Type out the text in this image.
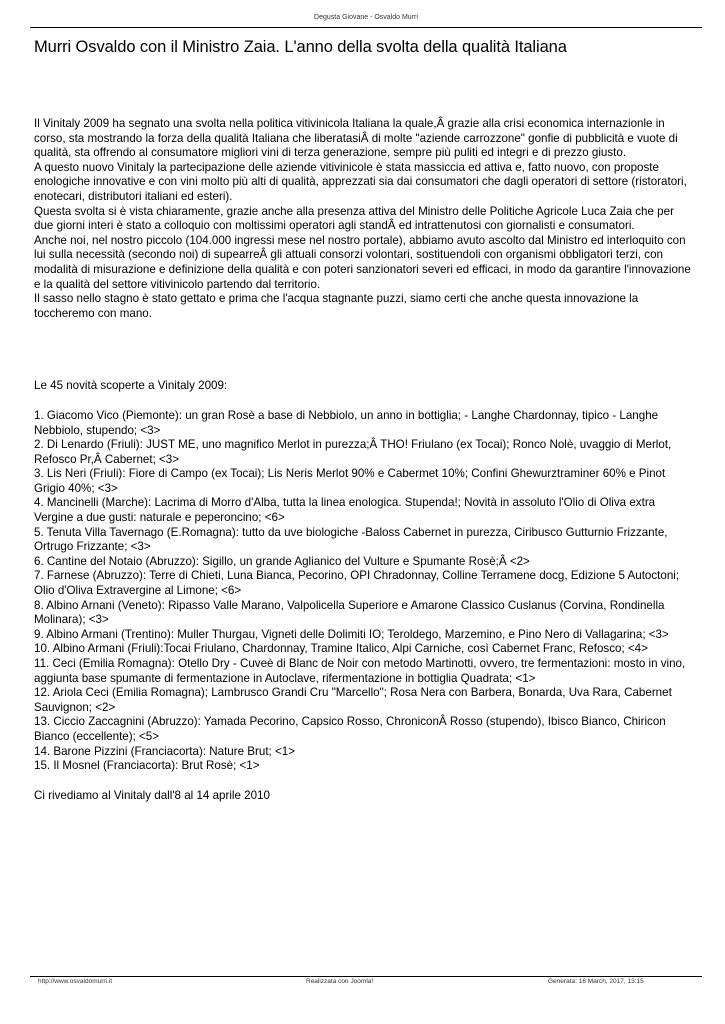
Degusta Giovane - Osvaldo Murri
Murri Osvaldo con il Ministro Zaia. L'anno della svolta della qualità Italiana

Il Vinitaly 2009 ha segnato una svolta nella politica vitivinicola Italiana la quale,Â grazie alla crisi economica internazionle in corso, sta mostrando la forza della qualità Italiana che liberatasiÂ di molte "aziende carrozzone" gonfie di pubblicità e vuote di qualità, sta offrendo al consumatore migliori vini di terza generazione, sempre più puliti ed integri e di prezzo giusto.

A questo nuovo Vinitaly la partecipazione delle aziende vitivinicole è stata massiccia ed attiva e, fatto nuovo, con proposte enologiche innovative e con vini molto più alti di qualità, apprezzati sia dai consumatori che dagli operatori di settore (ristoratori, enotecari, distributori italiani ed esteri).

Questa svolta si è vista chiaramente, grazie anche alla presenza attiva del Ministro delle Politiche Agricole Luca Zaia che per due giorni interi è stato a colloquio con moltissimi operatori agli standÂ ed intrattenutosi con giornalisti e consumatori.

Anche noi, nel nostro piccolo (104.000 ingressi mese nel nostro portale), abbiamo avuto ascolto dal Ministro ed interloquito con lui sulla necessità (secondo noi) di supearreÂ gli attuali consorzi volontari, sostituendoli con organismi obbligatori terzi, con modalità di misurazione e definizione della qualità e con poteri sanzionatori severi ed efficaci, in modo da garantire l'innovazione e la qualità del settore vitivinicolo partendo dal territorio.

Il sasso nello stagno è stato gettato e prima che l'acqua stagnante puzzi, siamo certi che anche questa innovazione la toccheremo con mano.

Le 45 novità scoperte a Vinitaly 2009:

1. Giacomo Vico (Piemonte): un gran Rosè a base di Nebbiolo, un anno in bottiglia; - Langhe Chardonnay, tipico - Langhe Nebbiolo, stupendo; <3>

2. Di Lenardo (Friuli): JUST ME, uno magnifico Merlot in purezza;Â THO! Friulano (ex Tocai); Ronco Nolè, uvaggio di Merlot, Refosco Pr,Â Cabernet; <3>

3. Lis Neri (Friuli): Fiore di Campo (ex Tocai); Lis Neris Merlot 90% e Cabermet 10%; Confini Ghewurztraminer 60% e Pinot Grigio 40%; <3>

4. Mancinelli (Marche): Lacrima di Morro d'Alba, tutta la linea enologica. Stupenda!; Novità in assoluto l'Olio di Oliva extra Vergine a due gusti: naturale e peperoncino; <6>

5. Tenuta Villa Tavernago (E.Romagna): tutto da uve biologiche -Baloss Cabernet in purezza, Ciribusco Gutturnio Frizzante, Ortrugo Frizzante; <3>

6. Cantine del Notaio (Abruzzo): Sigillo, un grande Aglianico del Vulture e Spumante Rosè;Â <2>

7. Farnese (Abruzzo): Terre di Chieti, Luna Bianca, Pecorino, OPI Chradonnay, Colline Terramene docg, Edizione 5 Autoctoni; Olio d'Oliva Extravergine al Limone; <6>

8. Albino Arnani (Veneto): Ripasso Valle Marano, Valpolicella Superiore e Amarone Classico Cuslanus (Corvina, Rondinella Molinara); <3>

9. Albino Armani (Trentino): Muller Thurgau, Vigneti delle Dolimiti IO; Teroldego, Marzemino, e Pino Nero di Vallagarina; <3>

10. Albino Armani (Friuli):Tocai Friulano, Chardonnay, Tramine Italico, Alpi Carniche, così Cabernet Franc, Refosco; <4>

11. Ceci (Emilia Romagna): Otello Dry - Cuveè di Blanc de Noir con metodo Martinotti, ovvero, tre fermentazioni: mosto in vino, aggiunta base spumante di fermentazione in Autoclave, rifermentazione in bottiglia Quadrata; <1>

12. Ariola Ceci (Emilia Romagna); Lambrusco Grandi Cru "Marcello"; Rosa Nera con Barbera, Bonarda, Uva Rara, Cabernet Sauvignon; <2>

13. Ciccio Zaccagnini (Abruzzo): Yamada Pecorino, Capsico Rosso, ChroniconÂ Rosso (stupendo), Ibisco Bianco, Chiricon Bianco (eccellente); <5>

14. Barone Pizzini (Franciacorta): Nature Brut; <1>

15. Il Mosnel (Franciacorta): Brut Rosè; <1>

Ci rivediamo al Vinitaly dall'8 al 14 aprile 2010

http://www.osvaldomurri.it	Realizzata con Joomla!	Generata: 16 March, 2017, 13:15
